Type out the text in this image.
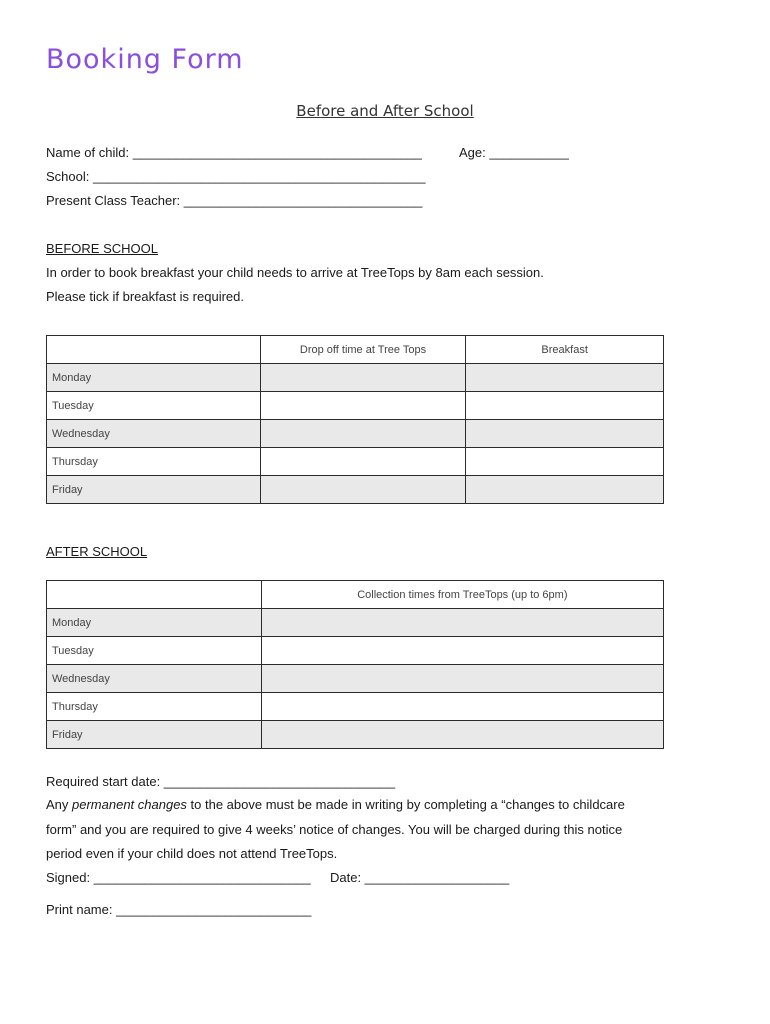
Booking Form
Before and After School
Name of child: ________________________________________	Age: ___________
School: ______________________________________________
Present Class Teacher: _________________________________
BEFORE SCHOOL
In order to book breakfast your child needs to arrive at TreeTops by 8am each session.
Please tick if breakfast is required.
	Drop off time at Tree Tops	Breakfast
Monday		
Tuesday		
Wednesday		
Thursday		
Friday		
AFTER SCHOOL
	Collection times from TreeTops (up to 6pm)
Monday	
Tuesday	
Wednesday	
Thursday	
Friday	
Required start date: ________________________________
Any permanent changes to the above must be made in writing by completing a “changes to childcare
form” and you are required to give 4 weeks’ notice of changes. You will be charged during this notice
period even if your child does not attend TreeTops.
Signed: ______________________________ Date: ____________________
Print name: ___________________________
